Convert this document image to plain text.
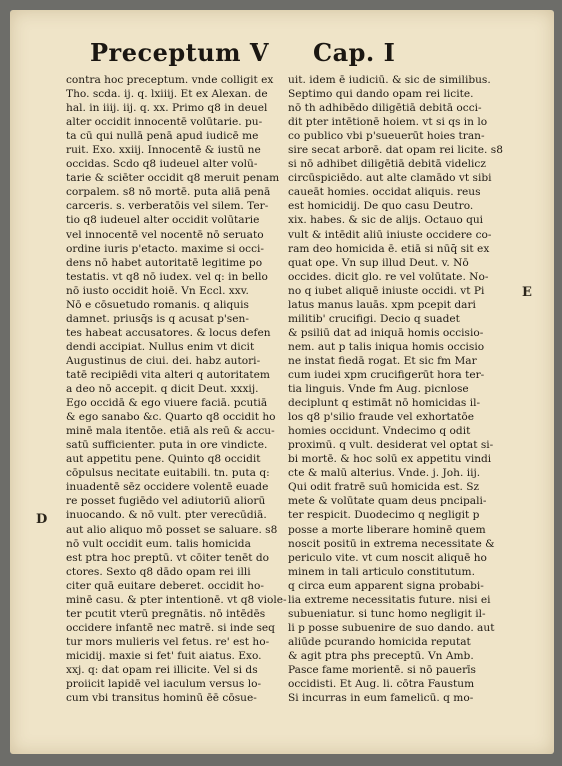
Preceptum V Cap. I
contra hoc preceptum. vnde colligit ex
Tho. scda. ij. q. lxiiij. Et ex Alexan. de
hal. in iiij. iij. q. xx. Primo q8 in deuel
alter occidit innocentē volūtarie. pu-
ta cū qui nullā penā apud iudicē me
ruit. Exo. xxiij. Innocentē & iustū ne
occidas. Scdo q8 iudeuel alter volū-
tarie & sciēter occidit q8 meruit penam
corpalem. s8 nō mortē. puta aliā penā
carceris. s. verberatōis vel silem. Ter-
tio q8 iudeuel alter occidit volūtarie
vel innocentē vel nocentē nō seruato
ordine iuris p'etacto. maxime si occi-
dens nō habet autoritatē legitime po
testatis. vt q8 nō iudex. vel q: in bello
nō iusto occidit hoiē. Vn Eccl. xxv.
Nō e cōsuetudo romanis. q aliquis
damnet. priusq̄s is q acusat p'sen-
tes habeat accusatores. & locus defen
dendi accipiat. Nullus enim vt dicit
Augustinus de ciui. dei. habz autori-
tatē recipiēdi vita alteri q autoritatem
a deo nō accepit. q dicit Deut. xxxij.
Ego occidā & ego viuere faciā. pcutiā
& ego sanabo &c. Quarto q8 occidit ho
minē mala itentōe. etiā als reū & accu-
satū sufficienter. puta in ore vindicte.
aut appetitu pene. Quinto q8 occidit
cōpulsus necitate euitabili. tn. puta q:
inuadentē sēz occidere volentē euade
re posset fugiēdo vel adiutoriū aliorū
inuocando. & nō vult. pter verecūdiā.
aut alio aliquo mō posset se saluare. s8
nō vult occidit eum. talis homicida
est ptra hoc preptū. vt cōiter tenēt do
ctores. Sexto q8 dādo opam rei illi
citer quā euitare deberet. occidit ho-
minē casu. & pter intentionē. vt q8 viole-
ter pcutit vterū pregnātis. nō intēdēs
occidere infantē nec matrē. si inde seq
tur mors mulieris vel fetus. re' est ho-
micidij. maxie si fet' fuit aiatus. Exo.
xxj. q: dat opam rei illicite. Vel si ds
proiicit lapidē vel iaculum versus lo-
cum vbi transitus hominū ēē cōsue-
uit. idem ē iudiciū. & sic de similibus.
Septimo qui dando opam rei licite.
nō th adhibēdo diligētiā debitā occi-
dit pter intētionē hoiem. vt si qs in lo
co publico vbi p'sueuerūt hoies tran-
sire secat arborē. dat opam rei licite. s8
si nō adhibet diligētiā debitā videlicz
circūspiciēdo. aut alte clamādo vt sibi
caueāt homies. occidat aliquis. reus
est homicidij. De quo casu Deutro.
xix. habes. & sic de alijs. Octauo qui
vult & intēdit aliū iniuste occidere co-
ram deo homicida ē. etiā si nūq̄ sit ex
quat ope. Vn sup illud Deut. v. Nō
occides. dicit glo. re vel volūtate. No-
no q iubet aliquē iniuste occidi. vt Pi
latus manus lauās. xpm pcepit dari
militib' crucifigi. Decio q suadet
& psiliū dat ad iniquā homis occisio-
nem. aut p talis iniqua homis occisio
ne instat fiedā rogat. Et sic fm Mar
cum iudei xpm crucifigerūt hora ter-
tia linguis. Vnde fm Aug. picnlose
deciplunt q estimāt nō homicidas il-
los q8 p'silio fraude vel exhortatōe
homies occidunt. Vndecimo q odit
proximū. q vult. desiderat vel optat si-
bi mortē. & hoc solū ex appetitu vindi
cte & malū alterius. Vnde. j. Joh. iij.
Qui odit fratrē suū homicida est. Sz
mete & volūtate quam deus pncipali-
ter respicit. Duodecimo q negligit p
posse a morte liberare hominē quem
noscit positū in extrema necessitate &
periculo vite. vt cum noscit aliquē ho
minem in tali articulo constitutum.
q circa eum apparent signa probabi-
lia extreme necessitatis future. nisi ei
subueniatur. si tunc homo negligit il-
li p posse subuenire de suo dando. aut
aliūde pcurando homicida reputat
& agit ptra phs preceptū. Vn Amb.
Pasce fame morientē. si nō pauerīs
occidisti. Et Aug. li. cōtra Faustum
Si incurras in eum famelicū. q mo-
D
E
